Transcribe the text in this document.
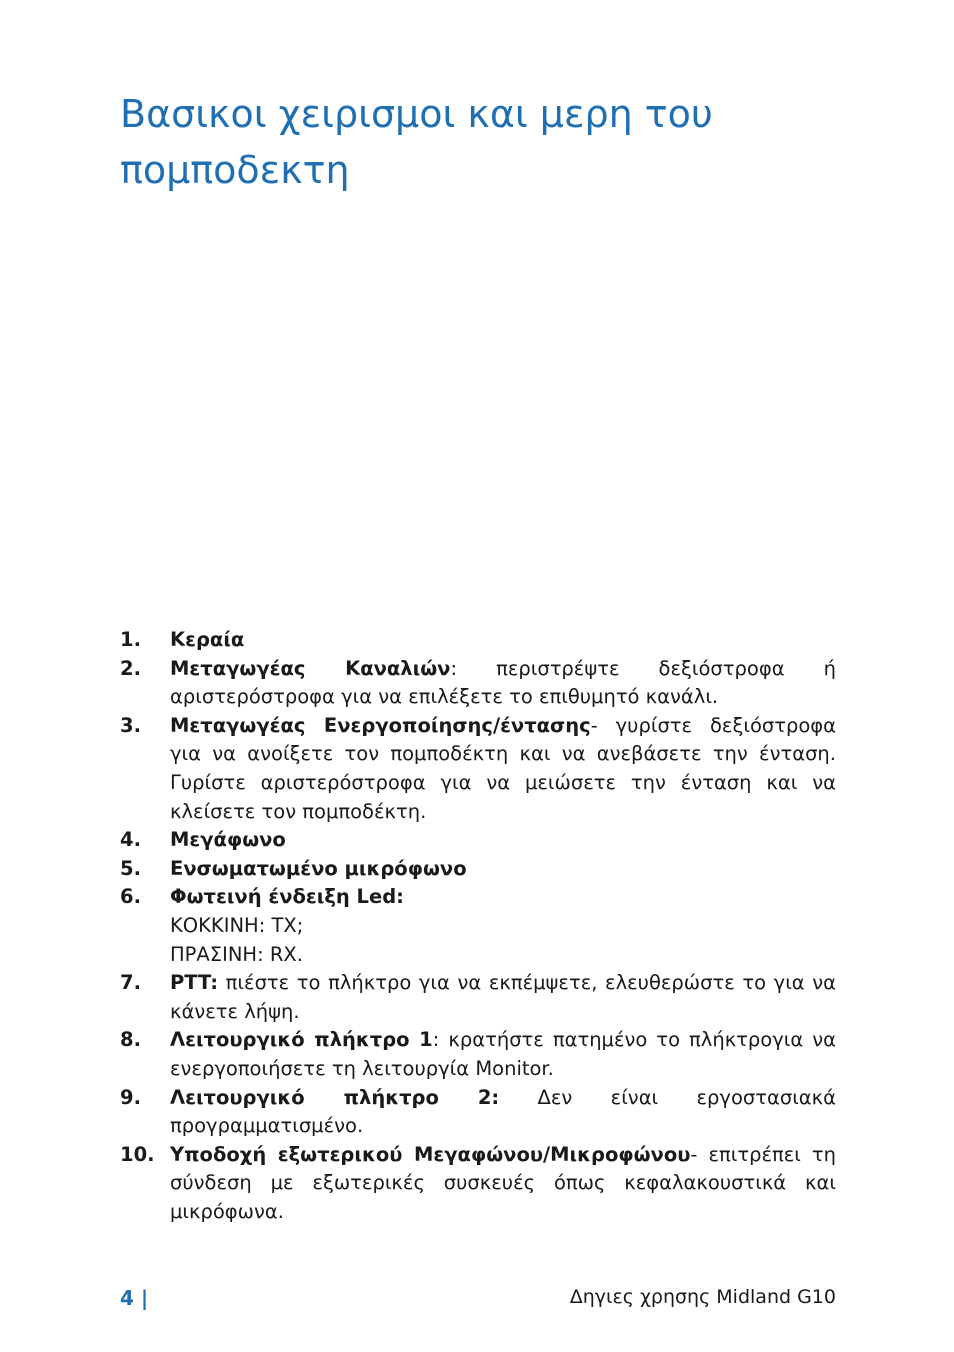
Βασικοι χειρισμοι και μερη του πομποδεκτη
1.	Κεραία
2.	Μεταγωγέας Καναλιών: περιστρέψτε δεξιόστροφα ή αριστερόστροφα για να επιλέξετε το επιθυμητό κανάλι.
3.	Μεταγωγέας Ενεργοποίησης/έντασης- γυρίστε δεξιόστροφα για να ανοίξετε τον πομποδέκτη και να ανεβάσετε την ένταση. Γυρίστε αριστερόστροφα για να μειώσετε την ένταση και να κλείσετε τον πομποδέκτη.
4.	Μεγάφωνο
5.	Ενσωματωμένο μικρόφωνο
6.	Φωτεινή ένδειξη Led:
ΚΟΚΚΙΝΗ: TX;
ΠΡΑΣΙΝΗ: RX.
7.	PTT: πιέστε το πλήκτρο για να εκπέμψετε, ελευθερώστε το για να κάνετε λήψη.
8.	Λειτουργικό πλήκτρο 1: κρατήστε πατημένο το πλήκτρογια να ενεργοποιήσετε τη λειτουργία Monitor.
9.	Λειτουργικό πλήκτρο 2: Δεν είναι εργοστασιακά προγραμματισμένο.
10. Υποδοχή εξωτερικού Μεγαφώνου/Μικροφώνου- επιτρέπει τη σύνδεση με εξωτερικές συσκευές όπως κεφαλακουστικά και μικρόφωνα.
4 |	Δηγιες χρησης Midland G10
